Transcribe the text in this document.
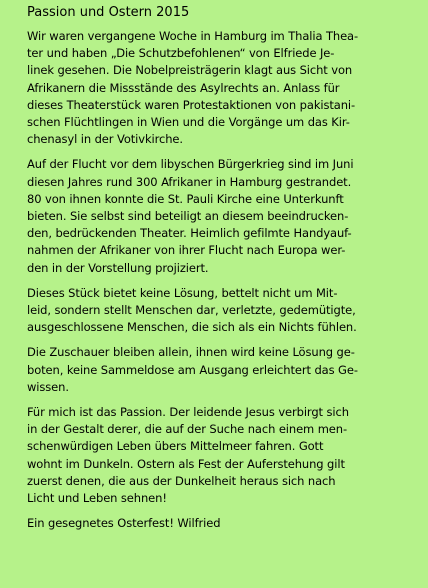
Passion und Ostern 2015

Wir waren vergangene Woche in Hamburg im Thalia Thea-
ter und haben „Die Schutzbefohlenen“ von Elfriede Je-
linek gesehen. Die Nobelpreisträgerin klagt aus Sicht von
Afrikanern die Missstände des Asylrechts an. Anlass für
dieses Theaterstück waren Protestaktionen von pakistani-
schen Flüchtlingen in Wien und die Vorgänge um das Kir-
chenasyl in der Votivkirche.

Auf der Flucht vor dem libyschen Bürgerkrieg sind im Juni
diesen Jahres rund 300 Afrikaner in Hamburg gestrandet.
80 von ihnen konnte die St. Pauli Kirche eine Unterkunft
bieten. Sie selbst sind beteiligt an diesem beeindrucken-
den, bedrückenden Theater. Heimlich gefilmte Handyauf-
nahmen der Afrikaner von ihrer Flucht nach Europa wer-
den in der Vorstellung projiziert.

Dieses Stück bietet keine Lösung, bettelt nicht um Mit-
leid, sondern stellt Menschen dar, verletzte, gedemütigte,
ausgeschlossene Menschen, die sich als ein Nichts fühlen.

Die Zuschauer bleiben allein, ihnen wird keine Lösung ge-
boten, keine Sammeldose am Ausgang erleichtert das Ge-
wissen.

Für mich ist das Passion. Der leidende Jesus verbirgt sich
in der Gestalt derer, die auf der Suche nach einem men-
schenwürdigen Leben übers Mittelmeer fahren. Gott
wohnt im Dunkeln. Ostern als Fest der Auferstehung gilt
zuerst denen, die aus der Dunkelheit heraus sich nach
Licht und Leben sehnen!

Ein gesegnetes Osterfest! Wilfried
